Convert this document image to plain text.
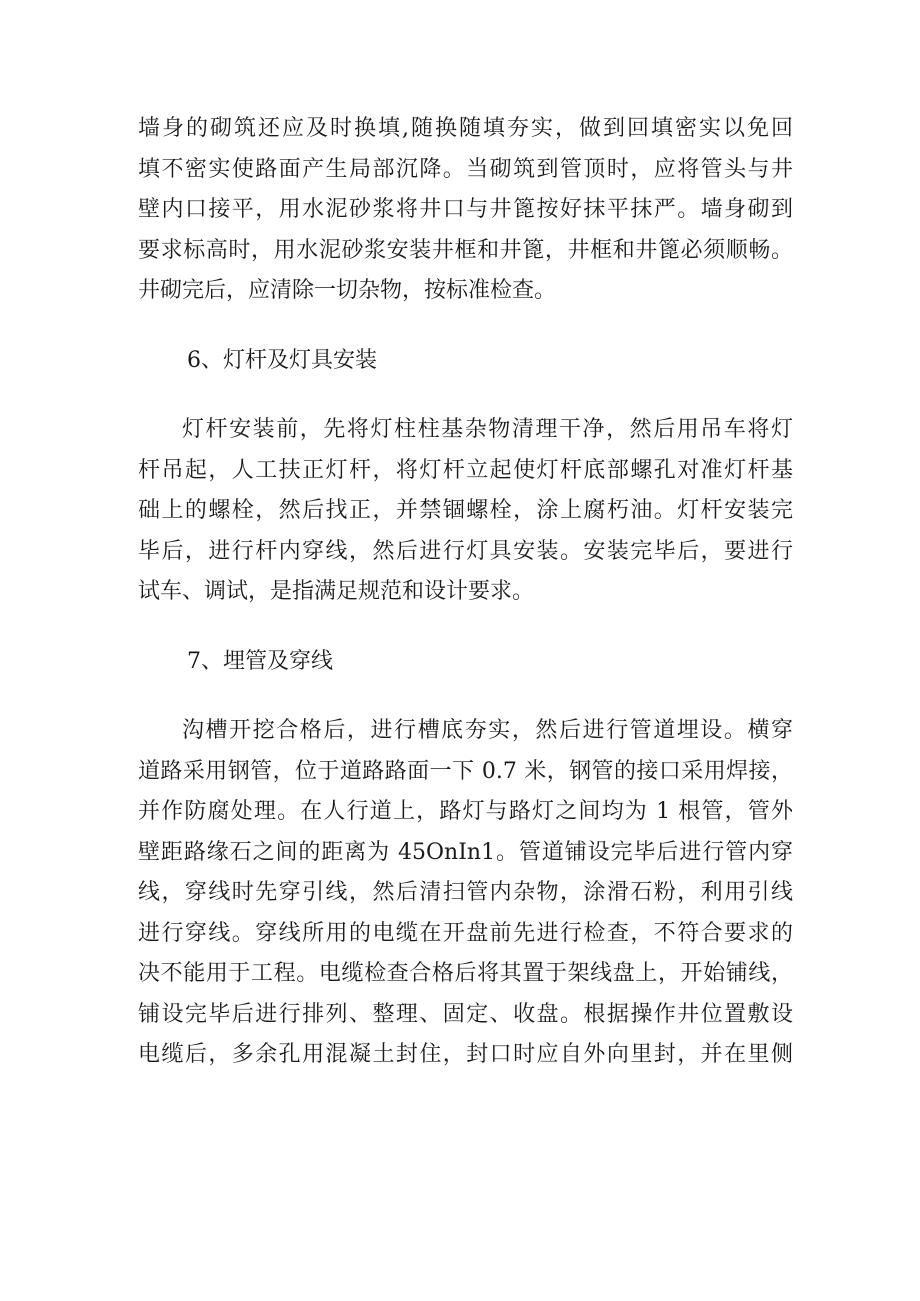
墙身的砌筑还应及时换填,随换随填夯实，做到回填密实以免回
填不密实使路面产生局部沉降。当砌筑到管顶时，应将管头与井
壁内口接平，用水泥砂浆将井口与井篦按好抹平抹严。墙身砌到
要求标高时，用水泥砂浆安装井框和井篦，井框和井篦必须顺畅。
井砌完后，应清除一切杂物，按标准检查。

6、灯杆及灯具安装

灯杆安装前，先将灯柱柱基杂物清理干净，然后用吊车将灯
杆吊起，人工扶正灯杆，将灯杆立起使灯杆底部螺孔对准灯杆基
础上的螺栓，然后找正，并禁锢螺栓，涂上腐朽油。灯杆安装完
毕后，进行杆内穿线，然后进行灯具安装。安装完毕后，要进行
试车、调试，是指满足规范和设计要求。

7、埋管及穿线

沟槽开挖合格后，进行槽底夯实，然后进行管道埋设。横穿
道路采用钢管，位于道路路面一下 0.7 米，钢管的接口采用焊接，
并作防腐处理。在人行道上，路灯与路灯之间均为 1 根管，管外
壁距路缘石之间的距离为 45OnIn1。管道铺设完毕后进行管内穿
线，穿线时先穿引线，然后清扫管内杂物，涂滑石粉，利用引线
进行穿线。穿线所用的电缆在开盘前先进行检查，不符合要求的
决不能用于工程。电缆检查合格后将其置于架线盘上，开始铺线，
铺设完毕后进行排列、整理、固定、收盘。根据操作井位置敷设
电缆后，多余孔用混凝土封住，封口时应自外向里封，并在里侧
